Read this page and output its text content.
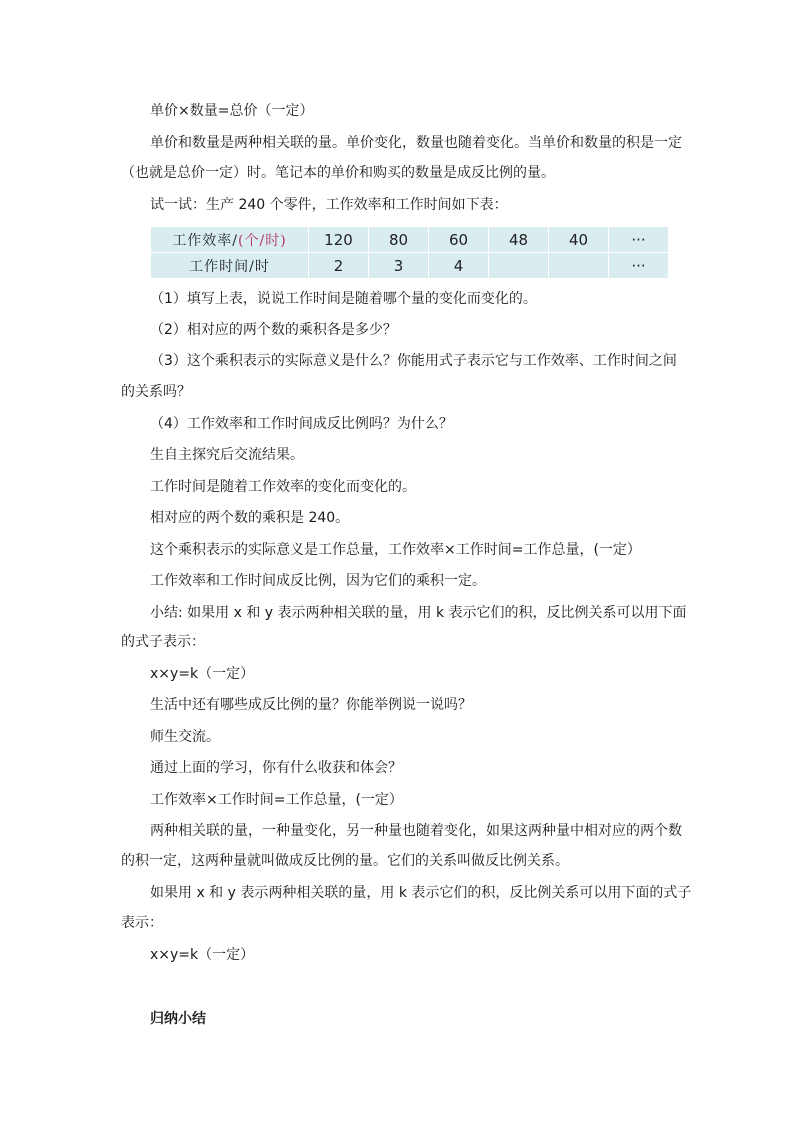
单价×数量=总价（一定）
单价和数量是两种相关联的量。单价变化，数量也随着变化。当单价和数量的积是一定
（也就是总价一定）时。笔记本的单价和购买的数量是成反比例的量。
试一试：生产 240 个零件，工作效率和工作时间如下表：
工作效率/(个/时)	120	80	60	48	40	···
工作时间/时	2	3	4			···
（1）填写上表，说说工作时间是随着哪个量的变化而变化的。
（2）相对应的两个数的乘积各是多少？
（3）这个乘积表示的实际意义是什么？你能用式子表示它与工作效率、工作时间之间
的关系吗？
（4）工作效率和工作时间成反比例吗？为什么？
生自主探究后交流结果。
工作时间是随着工作效率的变化而变化的。
相对应的两个数的乘积是 240。
这个乘积表示的实际意义是工作总量，工作效率×工作时间=工作总量，(一定）
工作效率和工作时间成反比例，因为它们的乘积一定。
小结: 如果用 x 和 y 表示两种相关联的量，用 k 表示它们的积，反比例关系可以用下面
的式子表示：
x×y=k（一定）
生活中还有哪些成反比例的量？你能举例说一说吗？
师生交流。
通过上面的学习，你有什么收获和体会？
工作效率×工作时间=工作总量，(一定）
两种相关联的量，一种量变化，另一种量也随着变化，如果这两种量中相对应的两个数
的积一定，这两种量就叫做成反比例的量。它们的关系叫做反比例关系。
如果用 x 和 y 表示两种相关联的量，用 k 表示它们的积，反比例关系可以用下面的式子
表示：
x×y=k（一定）
归纳小结
